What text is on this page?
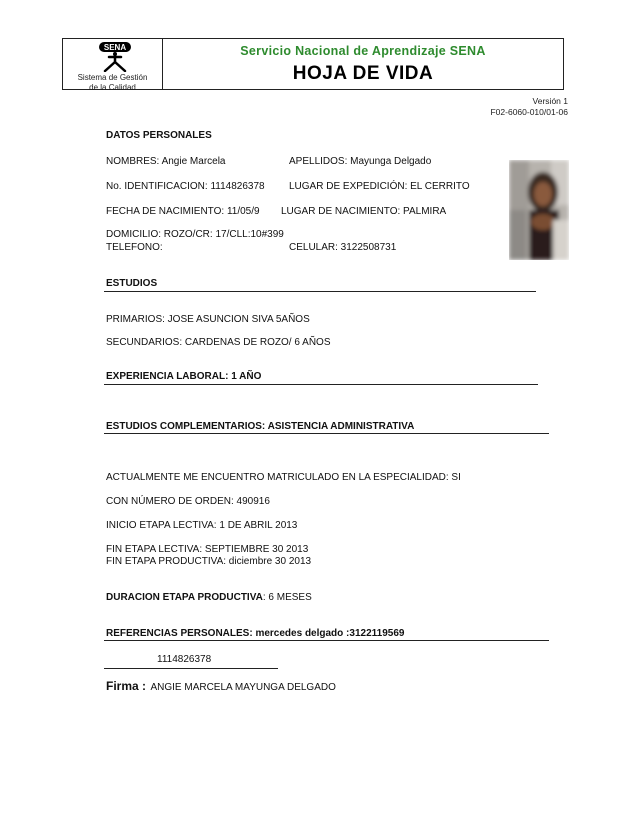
SENA
Sistema de Gestión
de la Calidad
Servicio Nacional de Aprendizaje SENA
HOJA DE VIDA
Versión 1
F02-6060-010/01-06
DATOS PERSONALES
NOMBRES: Angie Marcela	APELLIDOS: Mayunga Delgado
No. IDENTIFICACION: 1114826378 LUGAR DE EXPEDICIÓN: EL CERRITO
FECHA DE NACIMIENTO: 11/05/9 LUGAR DE NACIMIENTO: PALMIRA
DOMICILIO: ROZO/CR: 17/CLL:10#399
TELEFONO:	CELULAR: 3122508731
ESTUDIOS
PRIMARIOS: JOSE ASUNCION SIVA 5AÑOS
SECUNDARIOS: CARDENAS DE ROZO/ 6 AÑOS
EXPERIENCIA LABORAL: 1 AÑO
ESTUDIOS COMPLEMENTARIOS: ASISTENCIA ADMINISTRATIVA
ACTUALMENTE ME ENCUENTRO MATRICULADO EN LA ESPECIALIDAD: SI
CON NÚMERO DE ORDEN: 490916
INICIO ETAPA LECTIVA: 1 DE ABRIL 2013
FIN ETAPA LECTIVA: SEPTIEMBRE 30 2013
FIN ETAPA PRODUCTIVA: diciembre 30 2013
DURACION ETAPA PRODUCTIVA: 6 MESES
REFERENCIAS PERSONALES: mercedes delgado :3122119569
1114826378
Firma : ANGIE MARCELA MAYUNGA DELGADO
